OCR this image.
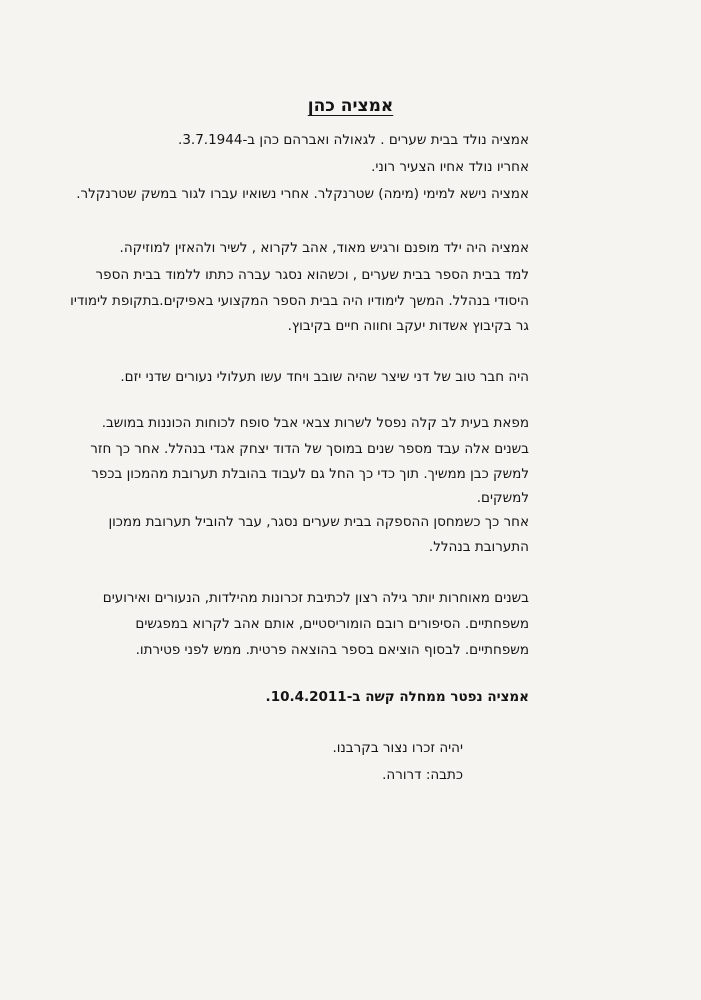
אמציה כהן
אמציה נולד בבית שערים . לגאולה ואברהם כהן ב-3.7.1944.
אחריו נולד אחיו הצעיר רוני.
אמציה נישא למימי (מימה) שטרנקלר. אחרי נשואיו עברו לגור במשק שטרנקלר.
אמציה היה ילד מופנם ורגיש מאוד, אהב לקרוא , לשיר ולהאזין למוזיקה.
למד בבית הספר בבית שערים , וכשהוא נסגר עברה כתתו ללמוד בבית הספר
היסודי בנהלל. המשך לימודיו היה בבית הספר המקצועי באפיקים.בתקופת לימודיו
גר בקיבוץ אשדות יעקב וחווה חיים בקיבוץ.
היה חבר טוב של דני שיצר שהיה שובב ויחד עשו תעלולי נעורים שדני יזם.
מפאת בעית לב קלה נפסל לשרות צבאי אבל סופח לכוחות הכוננות במושב.
בשנים אלה עבד מספר שנים במוסך של הדוד יצחק אגדי בנהלל. אחר כך חזר
למשק כבן ממשיך. תוך כדי כך החל גם לעבוד בהובלת תערובת מהמכון בכפר
למשקים.
אחר כך כשמחסן ההספקה בבית שערים נסגר, עבר להוביל תערובת ממכון
התערובת בנהלל.
בשנים מאוחרות יותר גילה רצון לכתיבת זכרונות מהילדות, הנעורים ואירועים
משפחתיים. הסיפורים רובם הומוריסטיים, אותם אהב לקרוא במפגשים
משפחתיים. לבסוף הוציאם בספר בהוצאה פרטית. ממש לפני פטירתו.
אמציה נפטר ממחלה קשה ב-10.4.2011.
יהיה זכרו נצור בקרבנו.
כתבה: דרורה.
